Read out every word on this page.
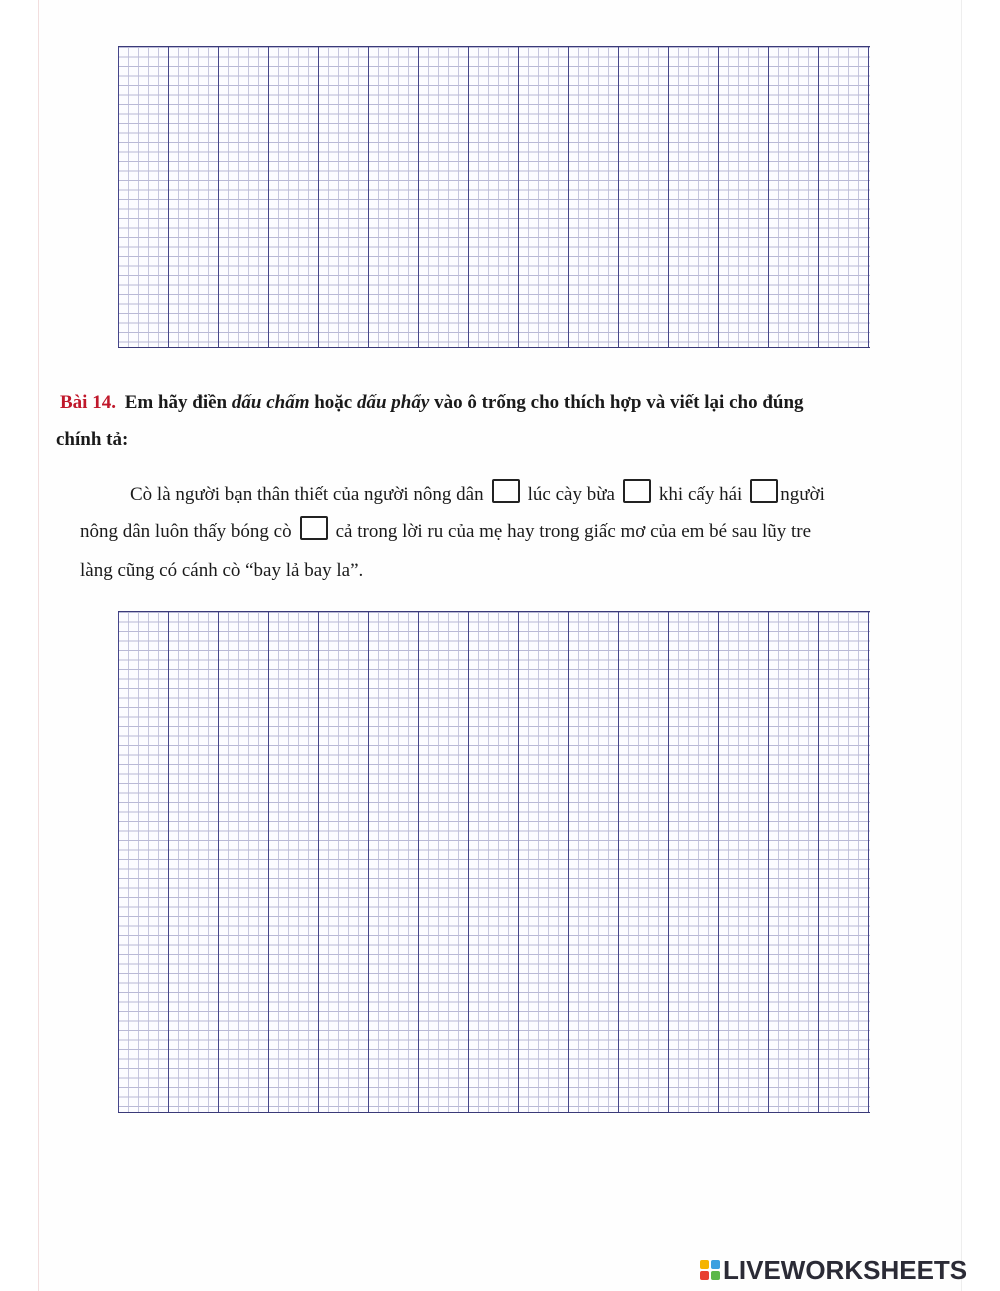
Bài 14. Em hãy điền dấu chấm hoặc dấu phẩy vào ô trống cho thích hợp và viết lại cho đúng
chính tả:
Cò là người bạn thân thiết của người nông dân lúc cày bừa khi cấy hái người
nông dân luôn thấy bóng cò cả trong lời ru của mẹ hay trong giấc mơ của em bé sau lũy tre
làng cũng có cánh cò “bay lả bay la”.
LIVEWORKSHEETS
